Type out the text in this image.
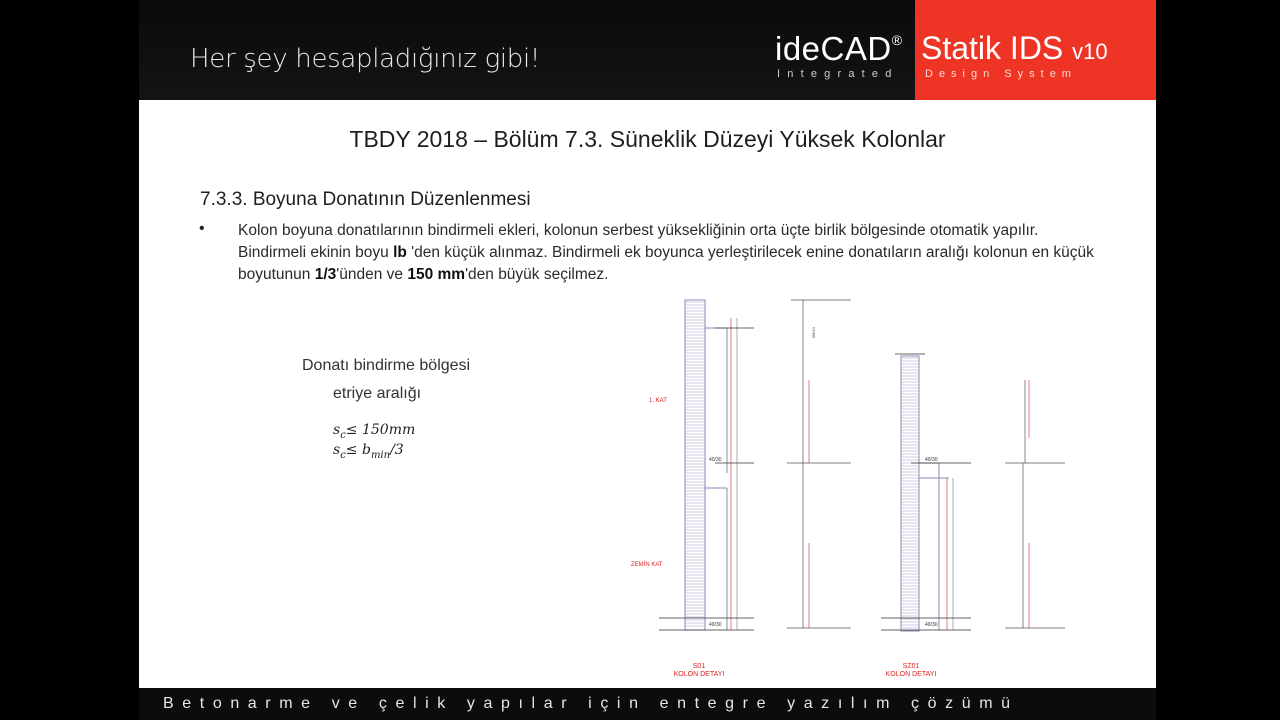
Her şey hesapladığınız gibi!	ideCAD®
Integrated
Statik IDS v10
Design System
TBDY 2018 – Bölüm 7.3. Süneklik Düzeyi Yüksek Kolonlar
7.3.3. Boyuna Donatının Düzenlenmesi
• Kolon boyuna donatılarının bindirmeli ekleri, kolonun serbest yüksekliğinin orta üçte birlik bölgesinde otomatik yapılır. Bindirmeli ekinin boyu lb 'den küçük alınmaz. Bindirmeli ek boyunca yerleştirilecek enine donatıların aralığı kolonun en küçük boyutunun 1/3'ünden ve 150 mm'den büyük seçilmez.
Donatı bindirme bölgesi
etriye aralığı
$s_c\le 150mm$
$s_c\le b_{min}/3$
1. KAT
ZEMİN KAT
40/30
40/30
Ø8/10
40/30
40/30
S01
KOLON DETAYI
SZ01
KOLON DETAYI
Betonarme ve çelik yapılar için entegre yazılım çözümü
